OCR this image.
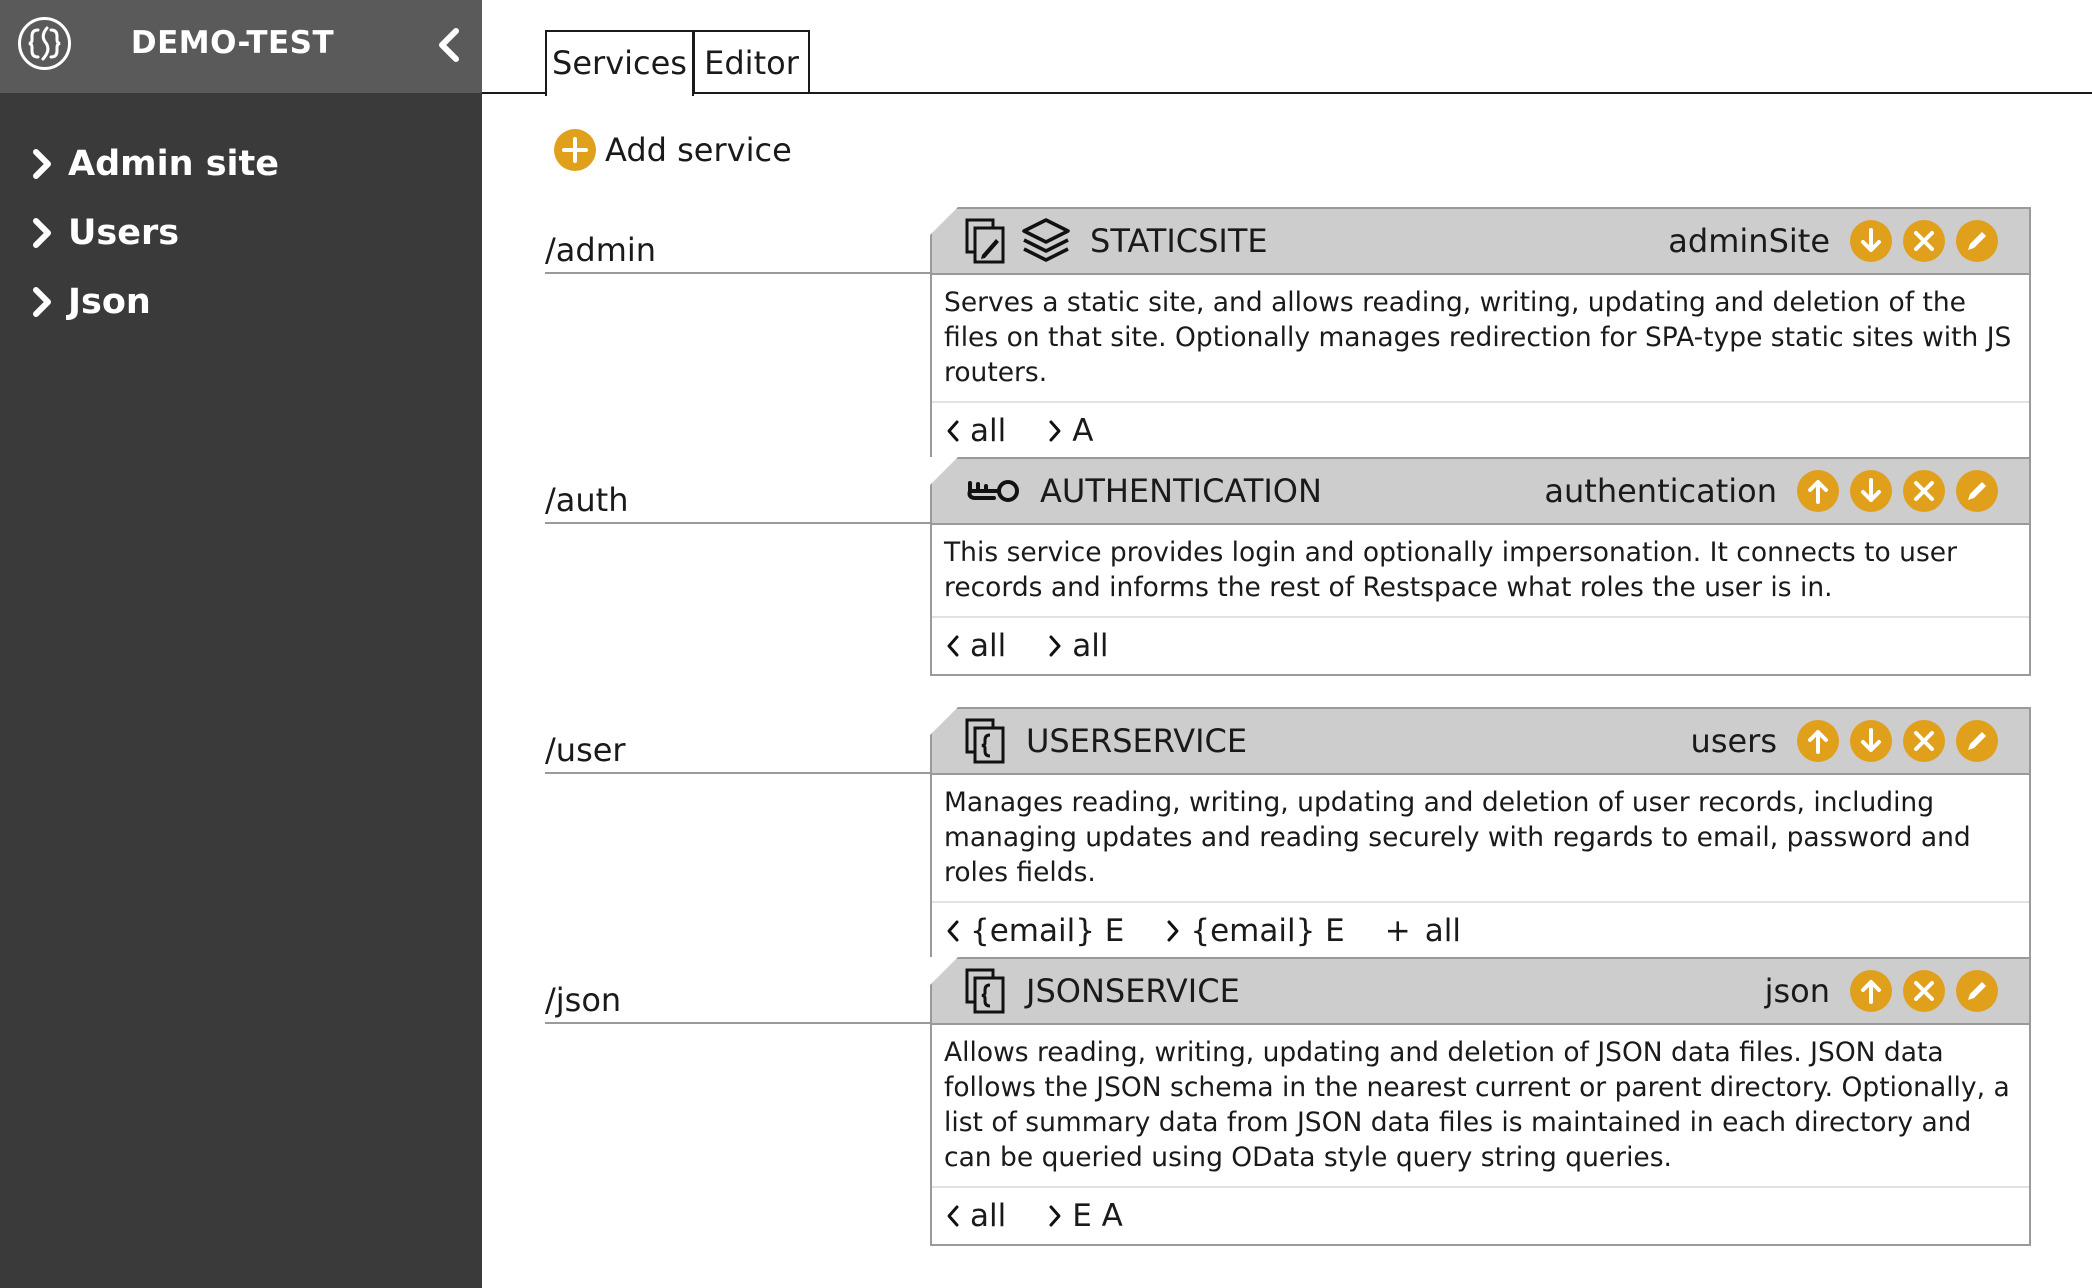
DEMO-TEST
Admin site
Users
Json
Services Editor
Add service
/admin	STATICSITE	adminSite
Serves a static site, and allows reading, writing, updating and deletion of the files on that site. Optionally manages redirection for SPA-type static sites with JS routers.
all A
/auth	AUTHENTICATION	authentication
This service provides login and optionally impersonation. It connects to user records and informs the rest of Restspace what roles the user is in.
all all
/user	USERSERVICE	users
Manages reading, writing, updating and deletion of user records, including managing updates and reading securely with regards to email, password and roles fields.
{email} E {email} E + all
/json	JSONSERVICE	json
Allows reading, writing, updating and deletion of JSON data files. JSON data follows the JSON schema in the nearest current or parent directory. Optionally, a list of summary data from JSON data files is maintained in each directory and can be queried using OData style query string queries.
all E A
